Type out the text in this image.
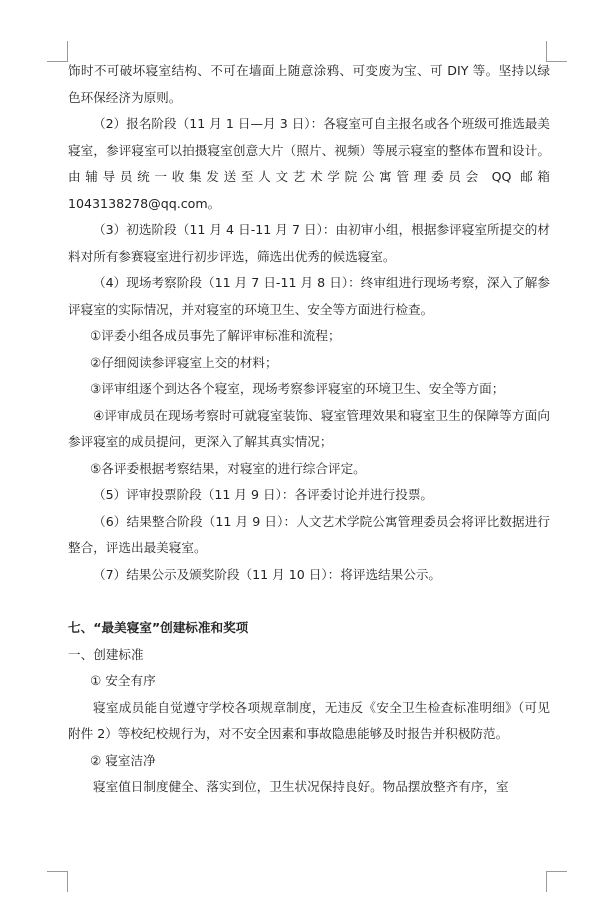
饰时不可破坏寝室结构、不可在墙面上随意涂鸦、可变废为宝、可 DIY 等。坚持以绿色环保经济为原则。

（2）报名阶段（11 月 1 日—月 3 日）：各寝室可自主报名或各个班级可推选最美寝室，参评寝室可以拍摄寝室创意大片（照片、视频）等展示寝室的整体布置和设计。由辅导员统一收集发送至人文艺术学院公寓管理委员会 QQ 邮箱 1043138278@qq.com。

（3）初选阶段（11 月 4 日-11 月 7 日）：由初审小组，根据参评寝室所提交的材料对所有参赛寝室进行初步评选，筛选出优秀的候选寝室。

（4）现场考察阶段（11 月 7 日-11 月 8 日）：终审组进行现场考察，深入了解参评寝室的实际情况，并对寝室的环境卫生、安全等方面进行检查。

①评委小组各成员事先了解评审标准和流程；

②仔细阅读参评寝室上交的材料；

③评审组逐个到达各个寝室，现场考察参评寝室的环境卫生、安全等方面；

④评审成员在现场考察时可就寝室装饰、寝室管理效果和寝室卫生的保障等方面向参评寝室的成员提问，更深入了解其真实情况；

⑤各评委根据考察结果，对寝室的进行综合评定。

（5）评审投票阶段（11 月 9 日）：各评委讨论并进行投票。

（6）结果整合阶段（11 月 9 日）：人文艺术学院公寓管理委员会将评比数据进行整合，评选出最美寝室。

（7）结果公示及颁奖阶段（11 月 10 日）：将评选结果公示。

七、“最美寝室”创建标准和奖项

一、创建标准

① 安全有序

寝室成员能自觉遵守学校各项规章制度，无违反《安全卫生检查标准明细》（可见附件 2）等校纪校规行为，对不安全因素和事故隐患能够及时报告并积极防范。

② 寝室洁净

寝室值日制度健全、落实到位，卫生状况保持良好。物品摆放整齐有序，室
